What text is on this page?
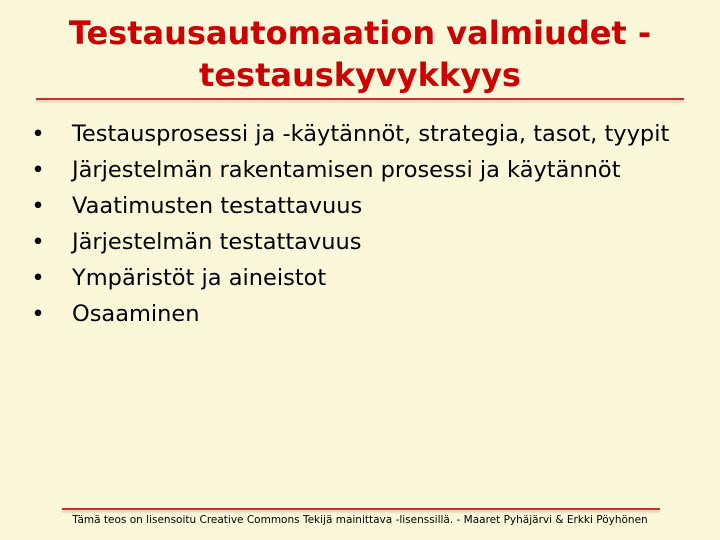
Testausautomaation valmiudet -
testauskyvykkyys
• Testausprosessi ja -käytännöt, strategia, tasot, tyypit
• Järjestelmän rakentamisen prosessi ja käytännöt
• Vaatimusten testattavuus
• Järjestelmän testattavuus
• Ympäristöt ja aineistot
• Osaaminen
Tämä teos on lisensoitu Creative Commons Tekijä mainittava -lisenssillä. - Maaret Pyhäjärvi & Erkki Pöyhönen
